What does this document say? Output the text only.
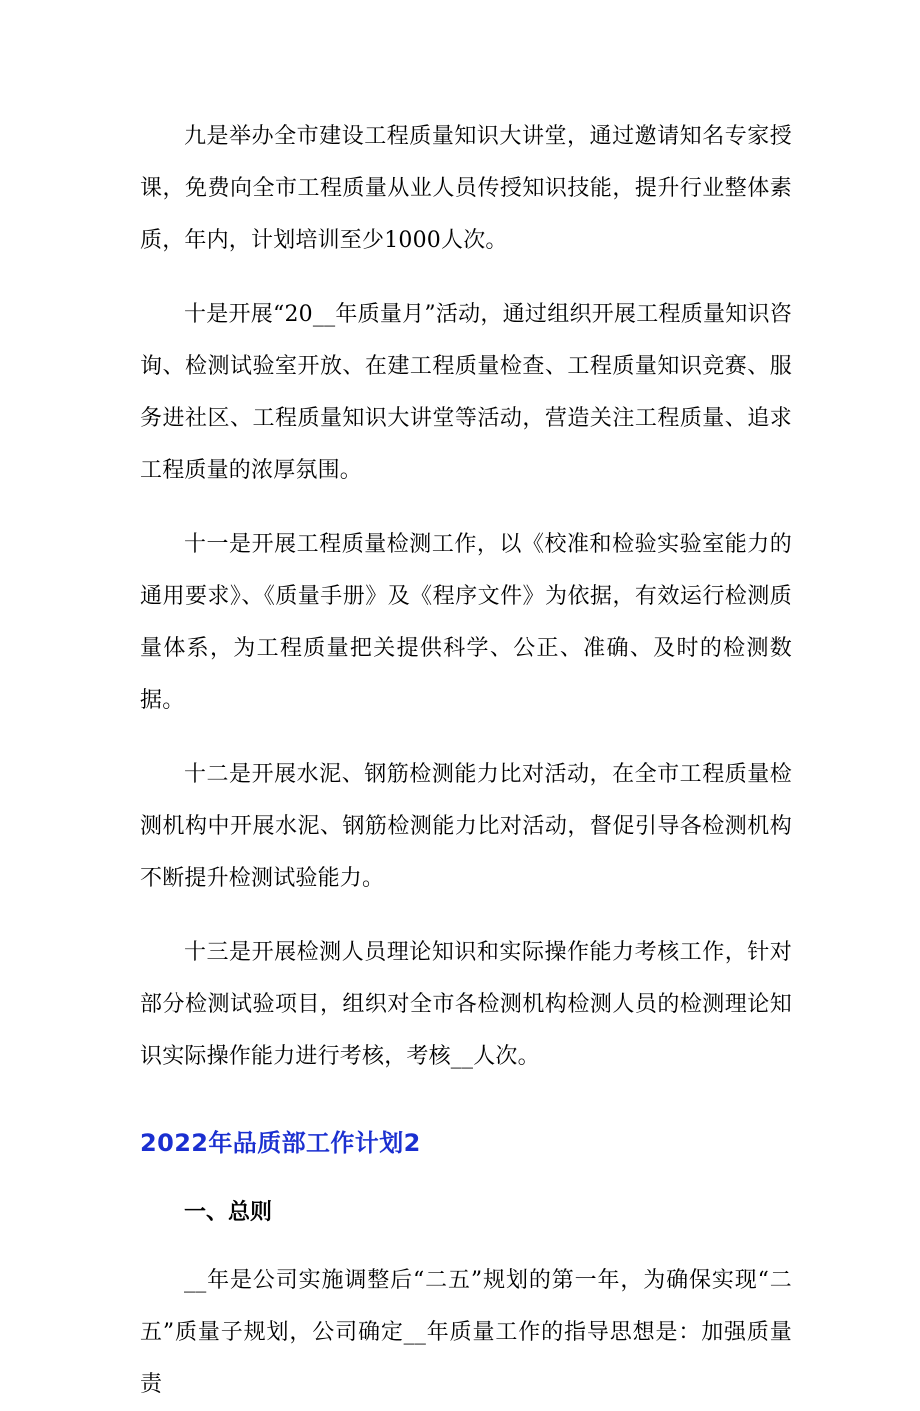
九是举办全市建设工程质量知识大讲堂，通过邀请知名专家授课，免费向全市工程质量从业人员传授知识技能，提升行业整体素质，年内，计划培训至少1000人次。

十是开展“20__年质量月”活动，通过组织开展工程质量知识咨询、检测试验室开放、在建工程质量检查、工程质量知识竞赛、服务进社区、工程质量知识大讲堂等活动，营造关注工程质量、追求工程质量的浓厚氛围。

十一是开展工程质量检测工作，以《校准和检验实验室能力的通用要求》、《质量手册》及《程序文件》为依据，有效运行检测质量体系，为工程质量把关提供科学、公正、准确、及时的检测数据。

十二是开展水泥、钢筋检测能力比对活动，在全市工程质量检测机构中开展水泥、钢筋检测能力比对活动，督促引导各检测机构不断提升检测试验能力。

十三是开展检测人员理论知识和实际操作能力考核工作，针对部分检测试验项目，组织对全市各检测机构检测人员的检测理论知识实际操作能力进行考核，考核__人次。

2022年品质部工作计划2
一、总则

__年是公司实施调整后“二五”规划的第一年，为确保实现“二五”质量子规划，公司确定__年质量工作的指导思想是：加强质量责
